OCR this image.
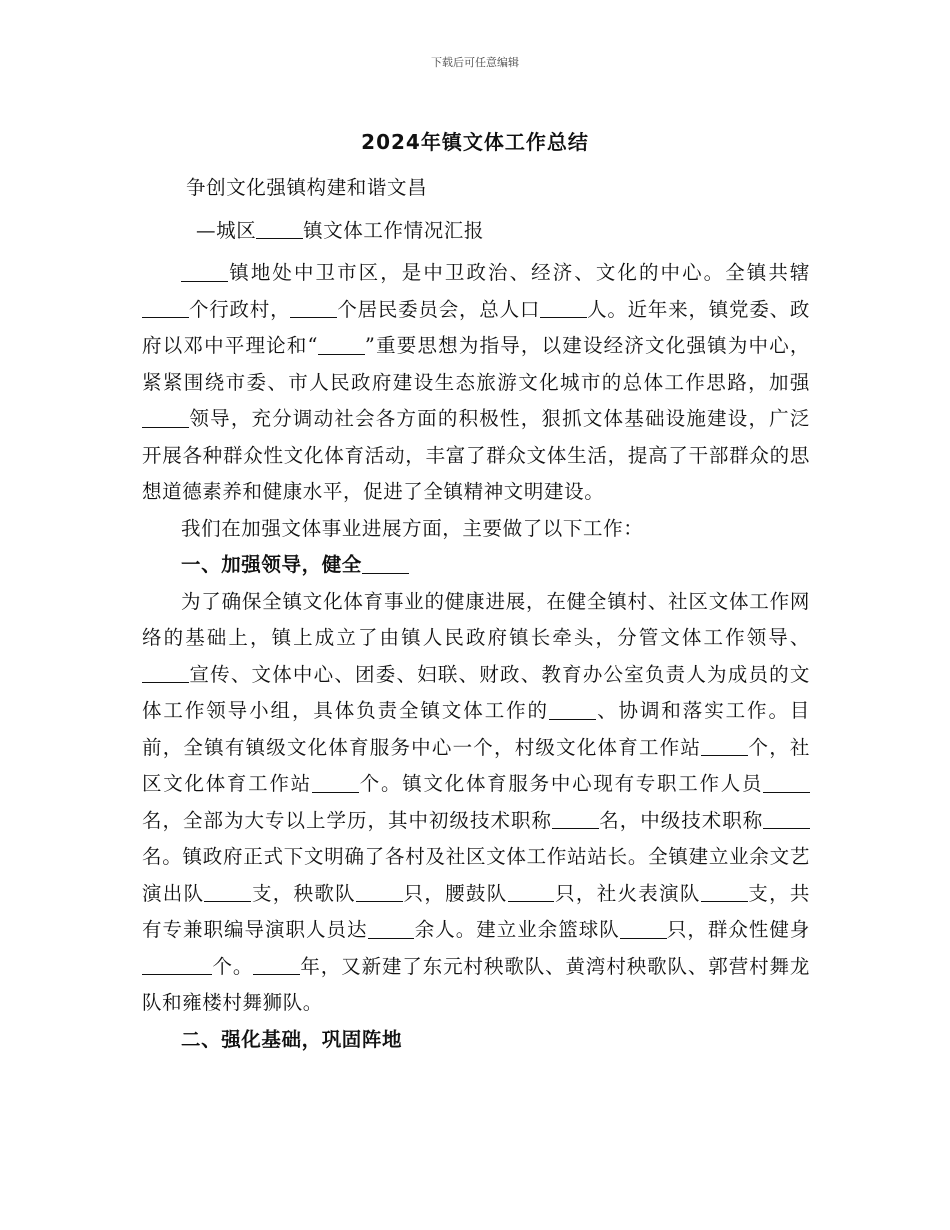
下载后可任意编辑
2024年镇文体工作总结

争创文化强镇构建和谐文昌

—城区 镇文体工作情况汇报

镇地处中卫市区，是中卫政治、经济、文化的中心。全镇共辖个行政村， 个居民委员会，总人口 人。近年来，镇党委、政府以邓中平理论和“ ”重要思想为指导，以建设经济文化强镇为中心，紧紧围绕市委、市人民政府建设生态旅游文化城市的总体工作思路，加强领导，充分调动社会各方面的积极性，狠抓文体基础设施建设，广泛开展各种群众性文化体育活动，丰富了群众文体生活，提高了干部群众的思想道德素养和健康水平，促进了全镇精神文明建设。

我们在加强文体事业进展方面，主要做了以下工作：

一、加强领导，健全

为了确保全镇文化体育事业的健康进展，在健全镇村、社区文体工作网络的基础上，镇上成立了由镇人民政府镇长牵头，分管文体工作领导、宣传、文体中心、团委、妇联、财政、教育办公室负责人为成员的文体工作领导小组，具体负责全镇文体工作的 、协调和落实工作。目前，全镇有镇级文化体育服务中心一个，村级文化体育工作站 个，社区文化体育工作站 个。镇文化体育服务中心现有专职工作人员名，全部为大专以上学历，其中初级技术职称 名，中级技术职称名。镇政府正式下文明确了各村及社区文体工作站站长。全镇建立业余文艺演出队 支，秧歌队 只，腰鼓队 只，社火表演队 支，共有专兼职编导演职人员达 余人。建立业余篮球队 只，群众性健身个。 年，又新建了东元村秧歌队、黄湾村秧歌队、郭营村舞龙队和雍楼村舞狮队。

二、强化基础，巩固阵地
